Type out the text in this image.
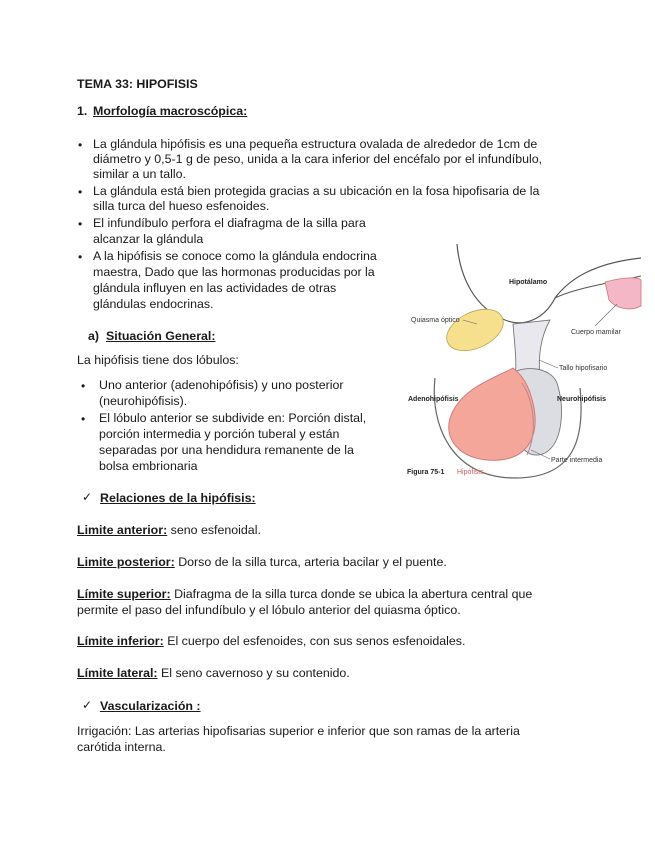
TEMA 33: HIPOFISIS
1. Morfología macroscópica:
• La glándula hipófisis es una pequeña estructura ovalada de alrededor de 1cm de
diámetro y 0,5-1 g de peso, unida a la cara inferior del encéfalo por el infundíbulo,
similar a un tallo.
• La glándula está bien protegida gracias a su ubicación en la fosa hipofisaria de la
silla turca del hueso esfenoides.
• El infundíbulo perfora el diafragma de la silla para
alcanzar la glándula
• A la hipófisis se conoce como la glándula endocrina
maestra, Dado que las hormonas producidas por la
glándula influyen en las actividades de otras
glándulas endocrinas.
a) Situación General:
La hipófisis tiene dos lóbulos:
• Uno anterior (adenohipófisis) y uno posterior
(neurohipófisis).
• El lóbulo anterior se subdivide en: Porción distal,
porción intermedia y porción tuberal y están
separadas por una hendidura remanente de la
bolsa embrionaria
✓ Relaciones de la hipófisis:
Limite anterior: seno esfenoidal.
Limite posterior: Dorso de la silla turca, arteria bacilar y el puente.
Límite superior: Diafragma de la silla turca donde se ubica la abertura central que
permite el paso del infundíbulo y el lóbulo anterior del quiasma óptico.
Límite inferior: El cuerpo del esfenoides, con sus senos esfenoidales.
Límite lateral: El seno cavernoso y su contenido.
✓ Vascularización :
Irrigación: Las arterias hipofisarias superior e inferior que son ramas de la arteria
carótida interna.
Hipotálamo
Quiasma óptico
Cuerpo mamilar
Tallo hipofisario
Adenohipófisis	Neurohipófisis
Parte intermedia
Figura 75-1 Hipófisis.
